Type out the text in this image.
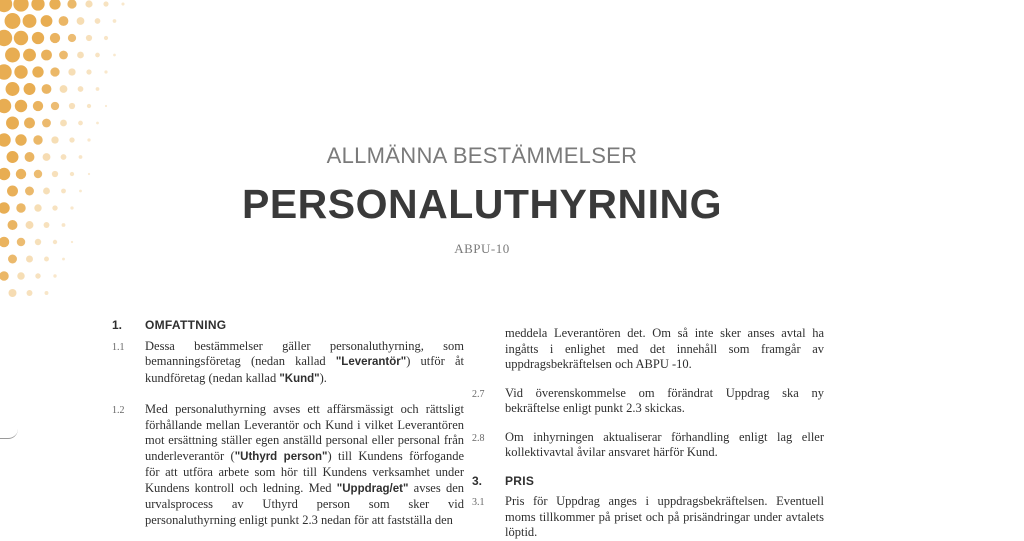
ALLMÄNNA BESTÄMMELSER
PERSONALUTHYRNING
ABPU-10
1.	OMFATTNING
1.1	Dessa bestämmelser gäller personaluthyrning, som bemanningsföretag (nedan kallad "Leverantör") utför åt kundföretag (nedan kallad "Kund").
1.2	Med personaluthyrning avses ett affärsmässigt och rättsligt förhållande mellan Leverantör och Kund i vilket Leverantören mot ersättning ställer egen anställd personal eller personal från underleverantör ("Uthyrd person") till Kundens förfogande för att utföra arbete som hör till Kundens verksamhet under Kundens kontroll och ledning. Med "Uppdrag/et" avses den urvalsprocess av Uthyrd person som sker vid personaluthyrning enligt punkt 2.3 nedan för att fastställa den
meddela Leverantören det. Om så inte sker anses avtal ha ingåtts i enlighet med det innehåll som framgår av uppdragsbekräftelsen och ABPU -10.
2.7	Vid överenskommelse om förändrat Uppdrag ska ny bekräftelse enligt punkt 2.3 skickas.
2.8	Om inhyrningen aktualiserar förhandling enligt lag eller kollektivavtal åvilar ansvaret härför Kund.
3.	PRIS
3.1	Pris för Uppdrag anges i uppdragsbekräftelsen. Eventuell moms tillkommer på priset och på prisändringar under avtalets löptid.
